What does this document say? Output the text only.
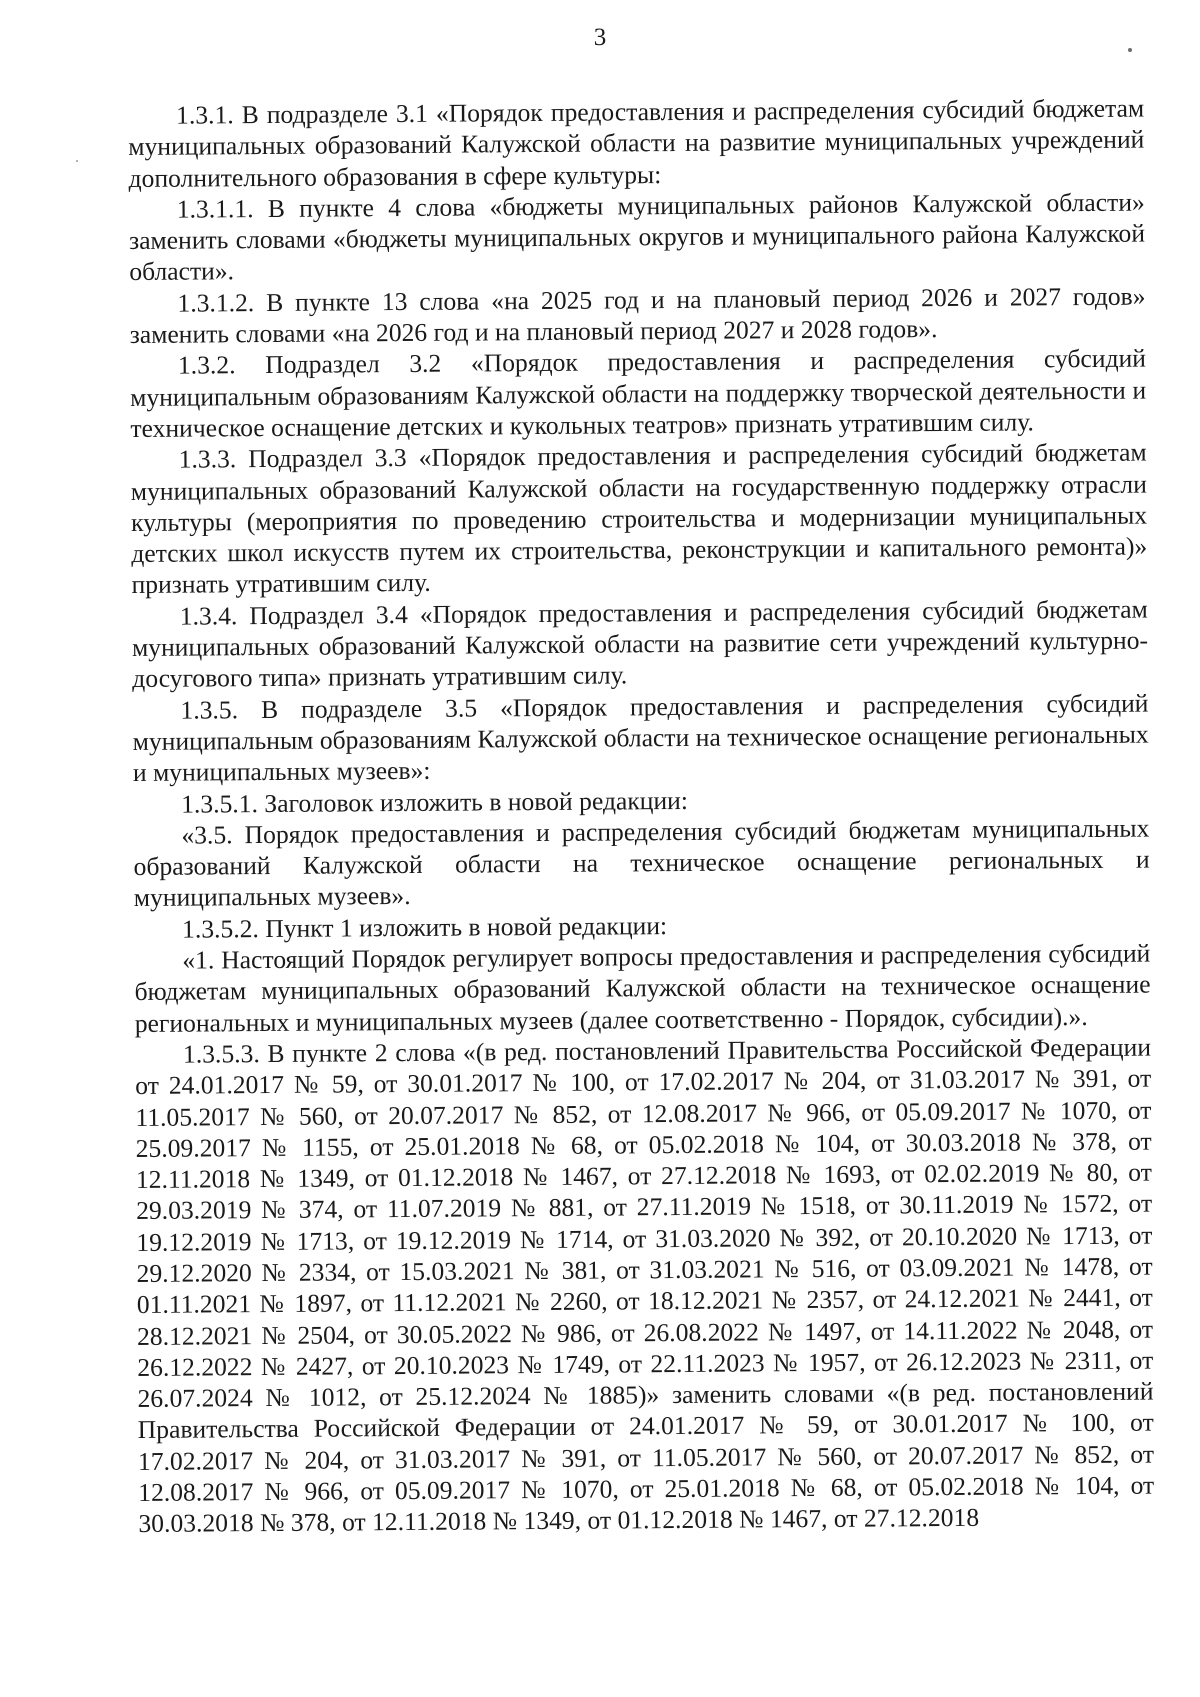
3

1.3.1. В подразделе 3.1 «Порядок предоставления и распределения субсидий бюджетам муниципальных образований Калужской области на развитие муниципальных учреждений дополнительного образования в сфере культуры:

1.3.1.1. В пункте 4 слова «бюджеты муниципальных районов Калужской области» заменить словами «бюджеты муниципальных округов и муниципального района Калужской области».

1.3.1.2. В пункте 13 слова «на 2025 год и на плановый период 2026 и 2027 годов» заменить словами «на 2026 год и на плановый период 2027 и 2028 годов».

1.3.2. Подраздел 3.2 «Порядок предоставления и распределения субсидий муниципальным образованиям Калужской области на поддержку творческой деятельности и техническое оснащение детских и кукольных театров» признать утратившим силу.

1.3.3. Подраздел 3.3 «Порядок предоставления и распределения субсидий бюджетам муниципальных образований Калужской области на государственную поддержку отрасли культуры (мероприятия по проведению строительства и модернизации муниципальных детских школ искусств путем их строительства, реконструкции и капитального ремонта)» признать утратившим силу.

1.3.4. Подраздел 3.4 «Порядок предоставления и распределения субсидий бюджетам муниципальных образований Калужской области на развитие сети учреждений культурно-досугового типа» признать утратившим силу.

1.3.5. В подразделе 3.5 «Порядок предоставления и распределения субсидий муниципальным образованиям Калужской области на техническое оснащение региональных и муниципальных музеев»:

1.3.5.1. Заголовок изложить в новой редакции:

«3.5. Порядок предоставления и распределения субсидий бюджетам муниципальных образований Калужской области на техническое оснащение региональных и муниципальных музеев».

1.3.5.2. Пункт 1 изложить в новой редакции:

«1. Настоящий Порядок регулирует вопросы предоставления и распределения субсидий бюджетам муниципальных образований Калужской области на техническое оснащение региональных и муниципальных музеев (далее соответственно - Порядок, субсидии).».

1.3.5.3. В пункте 2 слова «(в ред. постановлений Правительства Российской Федерации от 24.01.2017 № 59, от 30.01.2017 № 100, от 17.02.2017 № 204, от 31.03.2017 № 391, от 11.05.2017 № 560, от 20.07.2017 № 852, от 12.08.2017 № 966, от 05.09.2017 № 1070, от 25.09.2017 № 1155, от 25.01.2018 № 68, от 05.02.2018 № 104, от 30.03.2018 № 378, от 12.11.2018 № 1349, от 01.12.2018 № 1467, от 27.12.2018 № 1693, от 02.02.2019 № 80, от 29.03.2019 № 374, от 11.07.2019 № 881, от 27.11.2019 № 1518, от 30.11.2019 № 1572, от 19.12.2019 № 1713, от 19.12.2019 № 1714, от 31.03.2020 № 392, от 20.10.2020 № 1713, от 29.12.2020 № 2334, от 15.03.2021 № 381, от 31.03.2021 № 516, от 03.09.2021 № 1478, от 01.11.2021 № 1897, от 11.12.2021 № 2260, от 18.12.2021 № 2357, от 24.12.2021 № 2441, от 28.12.2021 № 2504, от 30.05.2022 № 986, от 26.08.2022 № 1497, от 14.11.2022 № 2048, от 26.12.2022 № 2427, от 20.10.2023 № 1749, от 22.11.2023 № 1957, от 26.12.2023 № 2311, от 26.07.2024 № 1012, от 25.12.2024 № 1885)» заменить словами «(в ред. постановлений Правительства Российской Федерации от 24.01.2017 № 59, от 30.01.2017 № 100, от 17.02.2017 № 204, от 31.03.2017 № 391, от 11.05.2017 № 560, от 20.07.2017 № 852, от 12.08.2017 № 966, от 05.09.2017 № 1070, от 25.01.2018 № 68, от 05.02.2018 № 104, от 30.03.2018 № 378, от 12.11.2018 № 1349, от 01.12.2018 № 1467, от 27.12.2018
